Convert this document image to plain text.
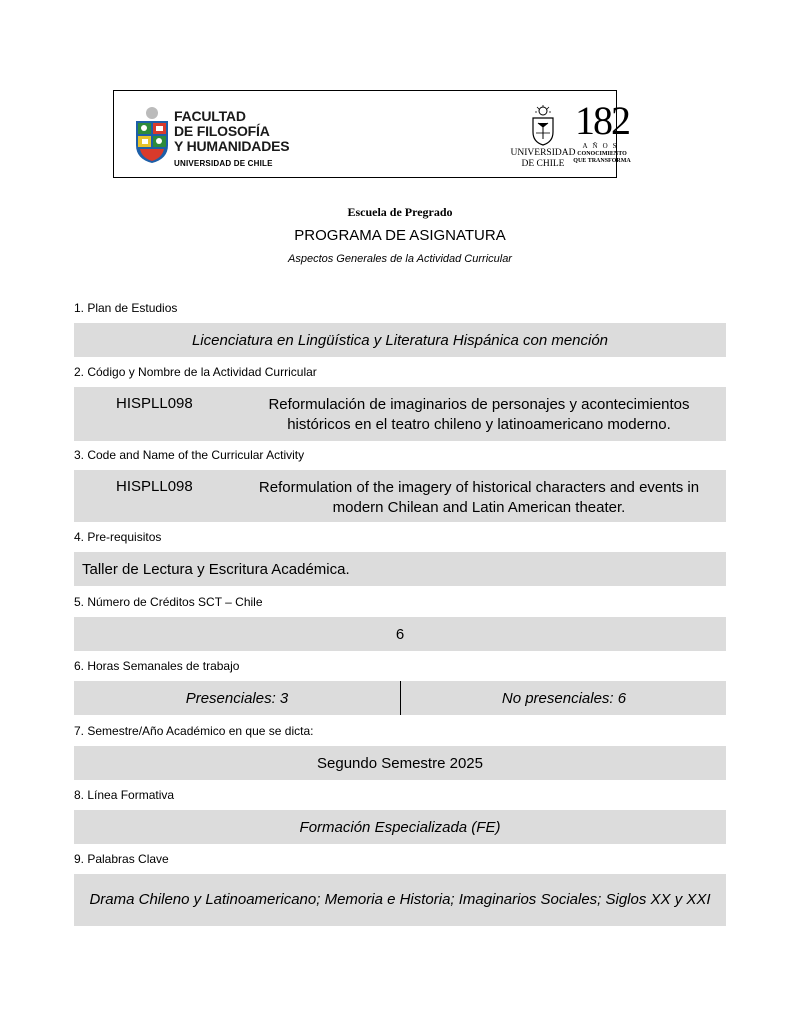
FACULTAD
DE FILOSOFÍA
Y HUMANIDADES
UNIVERSIDAD DE CHILE
UNIVERSIDAD
DE CHILE
182
AÑOS
CONOCIMIENTO
QUE TRANSFORMA
Escuela de Pregrado
PROGRAMA DE ASIGNATURA
Aspectos Generales de la Actividad Curricular
1. Plan de Estudios
Licenciatura en Lingüística y Literatura Hispánica con mención
2. Código y Nombre de la Actividad Curricular
HISPLL098	Reformulación de imaginarios de personajes y acontecimientos históricos en el teatro chileno y latinoamericano moderno.
3. Code and Name of the Curricular Activity
HISPLL098	Reformulation of the imagery of historical characters and events in modern Chilean and Latin American theater.
4. Pre-requisitos
Taller de Lectura y Escritura Académica.
5. Número de Créditos SCT – Chile
6
6. Horas Semanales de trabajo
Presenciales: 3	No presenciales: 6
7. Semestre/Año Académico en que se dicta:
Segundo Semestre 2025
8. Línea Formativa
Formación Especializada (FE)
9. Palabras Clave
Drama Chileno y Latinoamericano; Memoria e Historia; Imaginarios Sociales; Siglos XX y XXI
